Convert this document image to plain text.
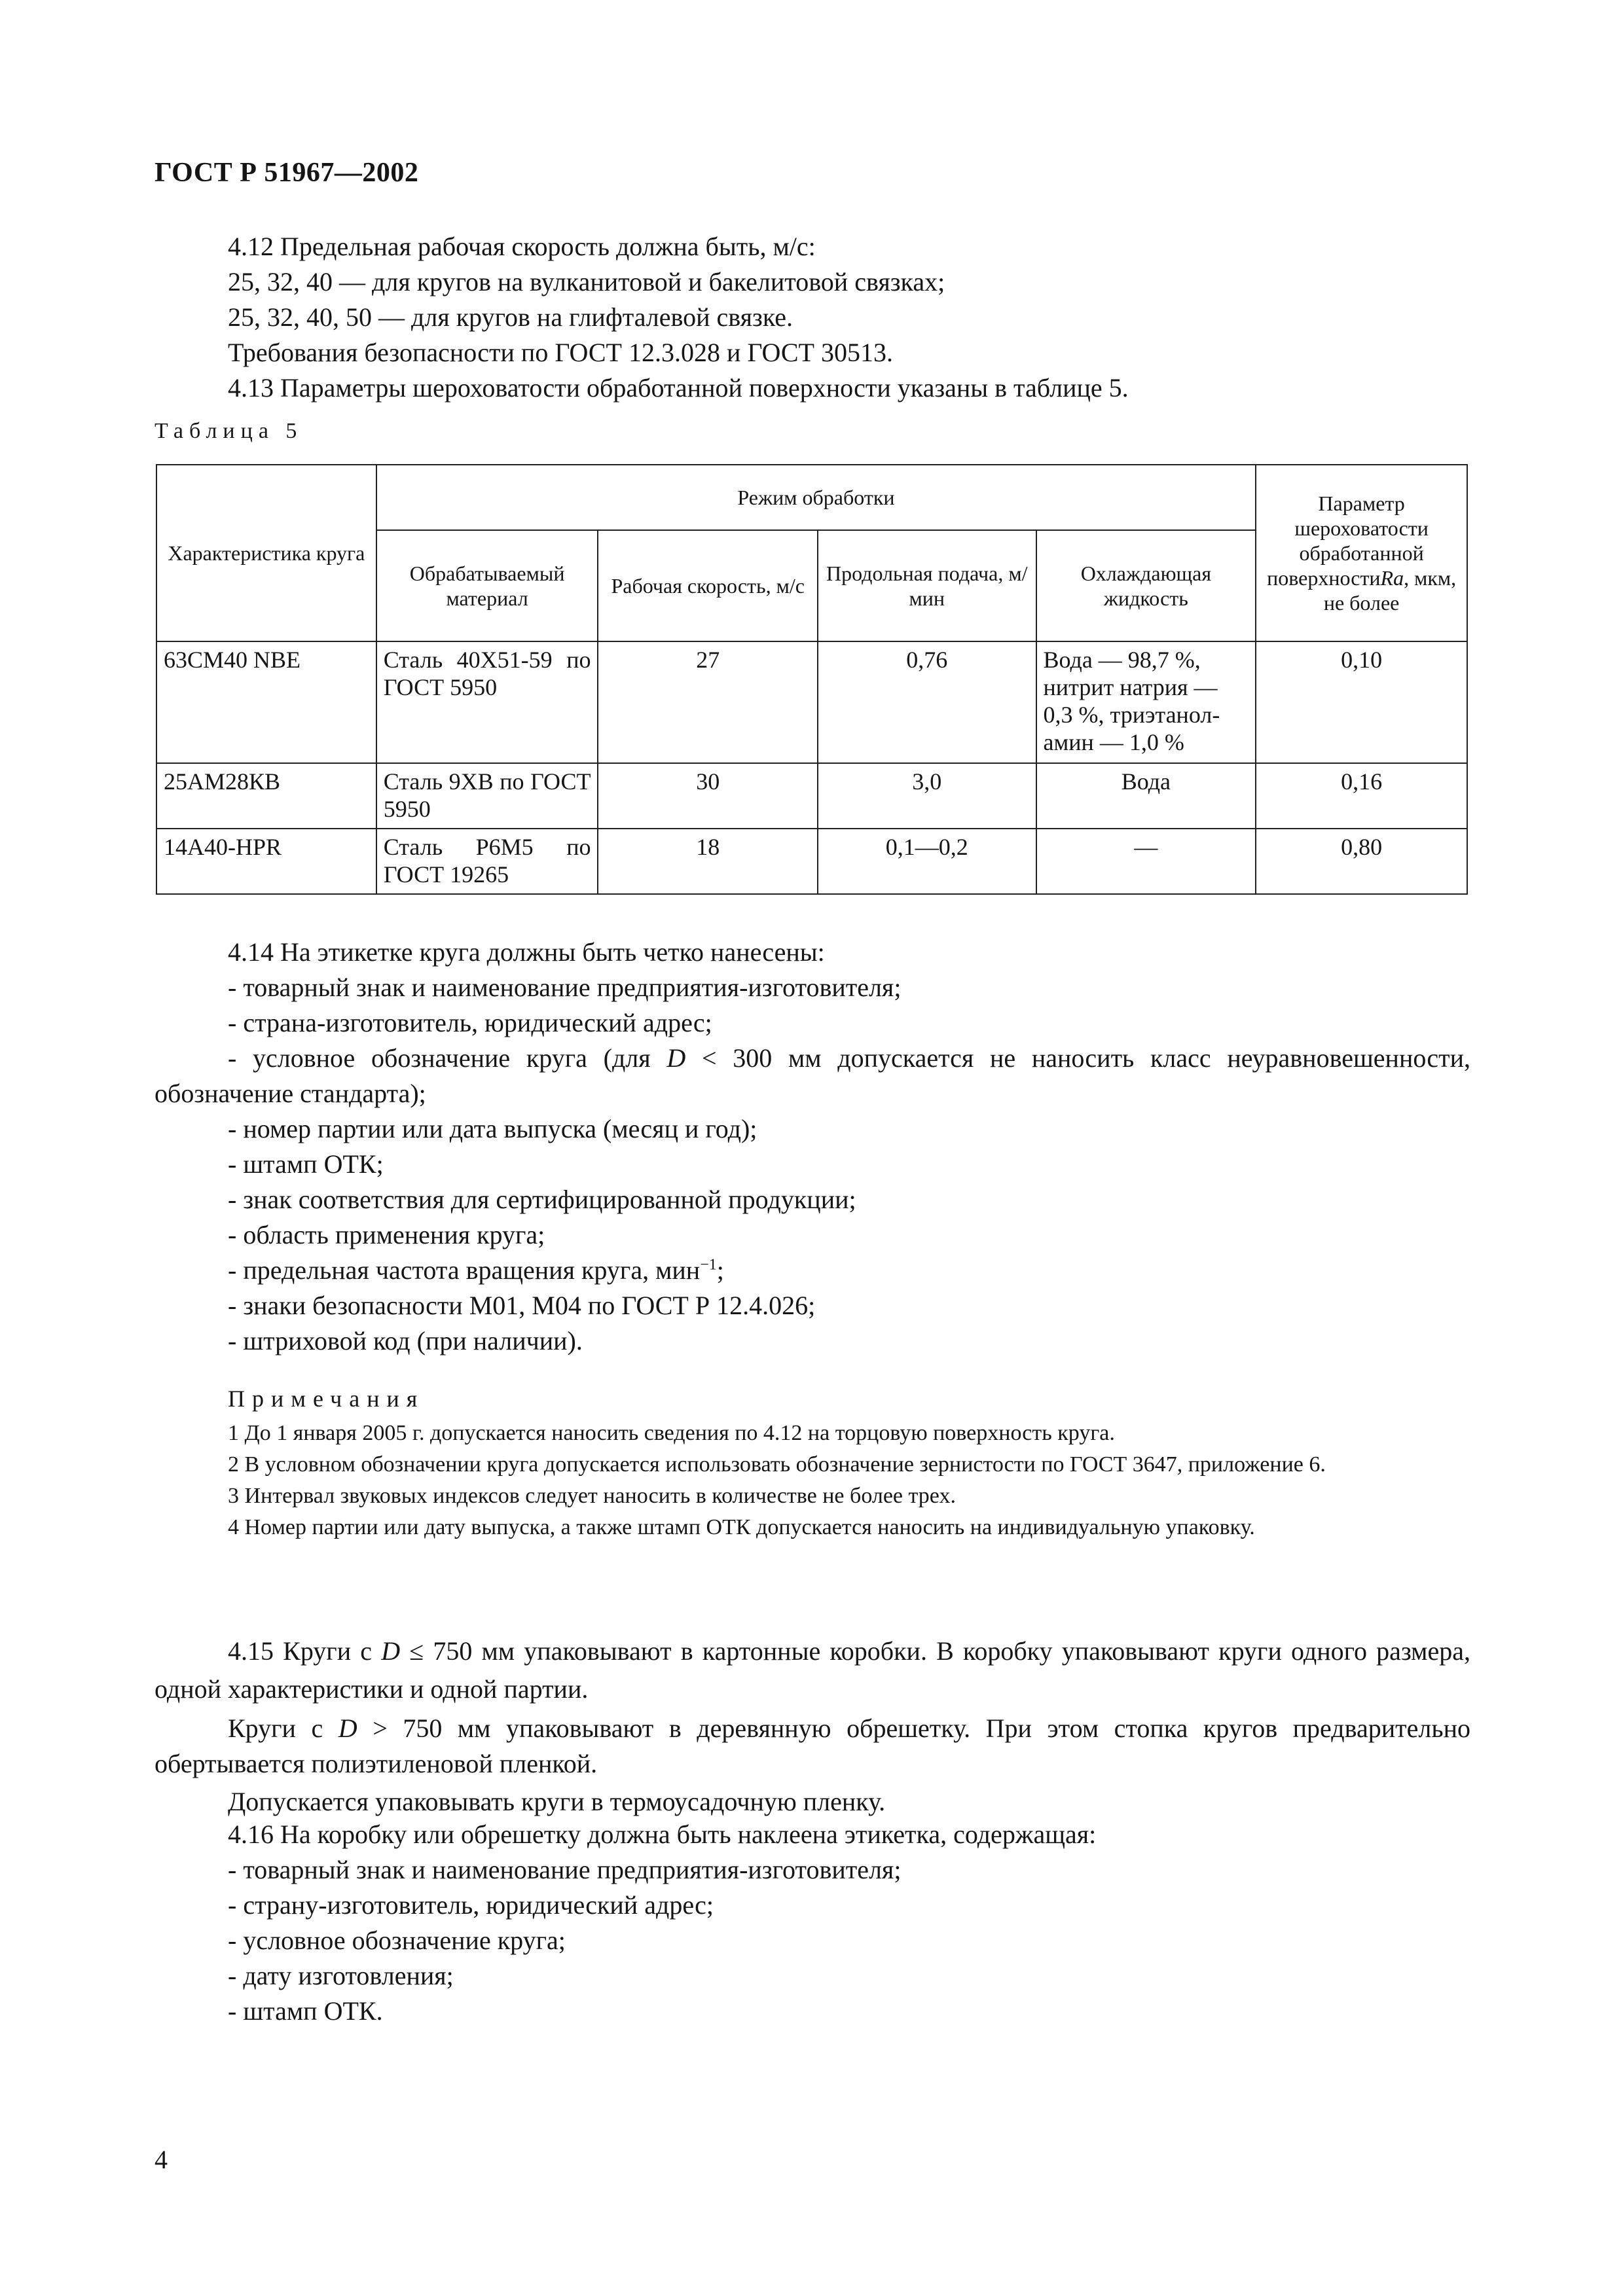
ГОСТ Р 51967—2002

4.12 Предельная рабочая скорость должна быть, м/с:

25, 32, 40 — для кругов на вулканитовой и бакелитовой связках;

25, 32, 40, 50 — для кругов на глифталевой связке.

Требования безопасности по ГОСТ 12.3.028 и ГОСТ 30513.

4.13 Параметры шероховатости обработанной поверхности указаны в таблице 5.

Таблица 5
Характеристика круга	Режим обработки				Параметр шероховатости обработанной поверхностиRa, мкм, не более
	Обрабатываемый материал	Рабочая скорость, м/с	Продольная подача, м/мин	Охлаждающая жидкость	
63СМ40 NBE	Сталь 40Х51-59 по ГОСТ 5950	27	0,76	Вода — 98,7 %, нитрит натрия — 0,3 %, триэтанол-амин — 1,0 %	0,10
25АМ28КВ	Сталь 9ХВ по ГОСТ 5950	30	3,0	Вода	0,16
14А40-НPR	Сталь Р6М5 по ГОСТ 19265	18	0,1—0,2	—	0,80

4.14 На этикетке круга должны быть четко нанесены:

- товарный знак и наименование предприятия-изготовителя;

- страна-изготовитель, юридический адрес;

- условное обозначение круга (для D < 300 мм допускается не наносить класс неуравновешенности, обозначение стандарта);

- номер партии или дата выпуска (месяц и год);

- штамп ОТК;

- знак соответствия для сертифицированной продукции;

- область применения круга;

- предельная частота вращения круга, мин$^{-1}$;

- знаки безопасности М01, М04 по ГОСТ Р 12.4.026;

- штриховой код (при наличии).

Примечания

1 До 1 января 2005 г. допускается наносить сведения по 4.12 на торцовую поверхность круга.

2 В условном обозначении круга допускается использовать обозначение зернистости по ГОСТ 3647, приложение 6.

3 Интервал звуковых индексов следует наносить в количестве не более трех.

4 Номер партии или дату выпуска, а также штамп ОТК допускается наносить на индивидуальную упаковку.

4.15 Круги с D ≤ 750 мм упаковывают в картонные коробки. В коробку упаковывают круги одного размера, одной характеристики и одной партии.

Круги с D > 750 мм упаковывают в деревянную обрешетку. При этом стопка кругов предварительно обертывается полиэтиленовой пленкой.

Допускается упаковывать круги в термоусадочную пленку.

4.16 На коробку или обрешетку должна быть наклеена этикетка, содержащая:

- товарный знак и наименование предприятия-изготовителя;

- страну-изготовитель, юридический адрес;

- условное обозначение круга;

- дату изготовления;

- штамп ОТК.

4
